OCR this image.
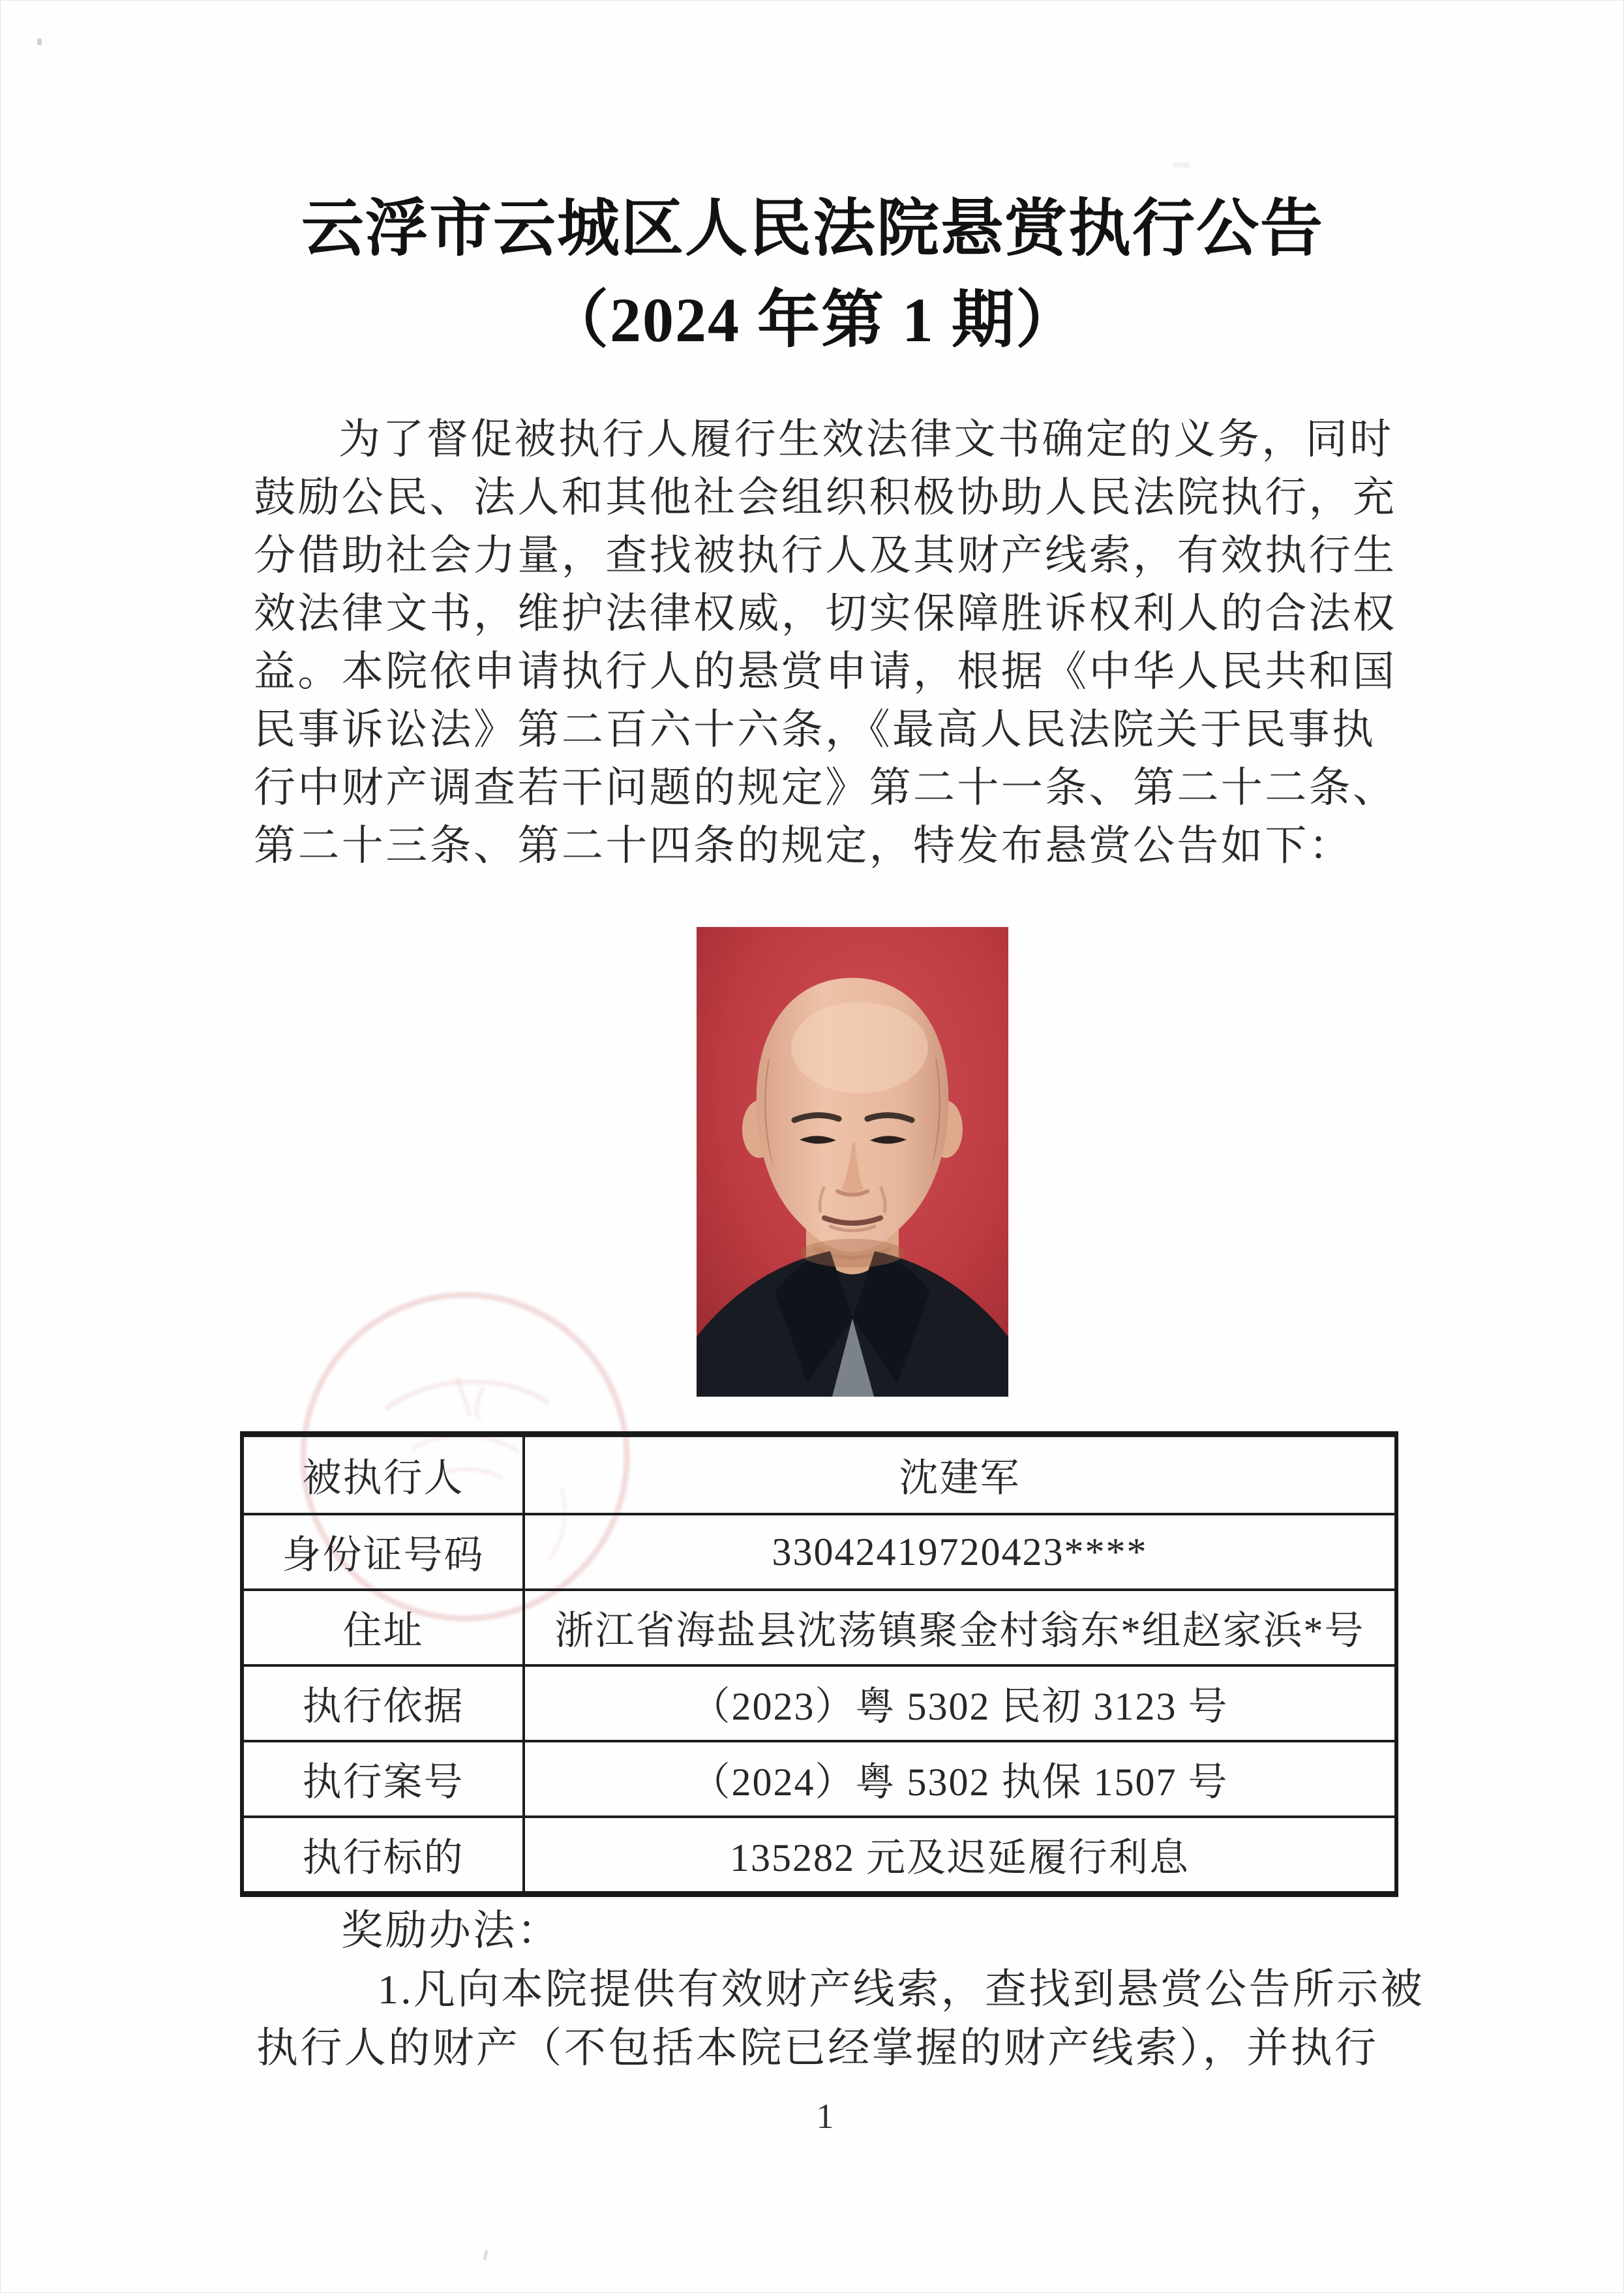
云浮市云城区人民法院悬赏执行公告
（2024 年第 1 期）
为了督促被执行人履行生效法律文书确定的义务，同时
鼓励公民、法人和其他社会组织积极协助人民法院执行，充
分借助社会力量，查找被执行人及其财产线索，有效执行生
效法律文书，维护法律权威，切实保障胜诉权利人的合法权
益。本院依申请执行人的悬赏申请，根据《中华人民共和国
民事诉讼法》第二百六十六条，《最高人民法院关于民事执
行中财产调查若干问题的规定》第二十一条、第二十二条、
第二十三条、第二十四条的规定，特发布悬赏公告如下：
被执行人	沈建军
身份证号码	33042419720423****
住址	浙江省海盐县沈荡镇聚金村翁东*组赵家浜*号
执行依据	（2023）粤 5302 民初 3123 号
执行案号	（2024）粤 5302 执保 1507 号
执行标的	135282 元及迟延履行利息
奖励办法：
1.凡向本院提供有效财产线索，查找到悬赏公告所示被
执行人的财产（不包括本院已经掌握的财产线索），并执行
1
